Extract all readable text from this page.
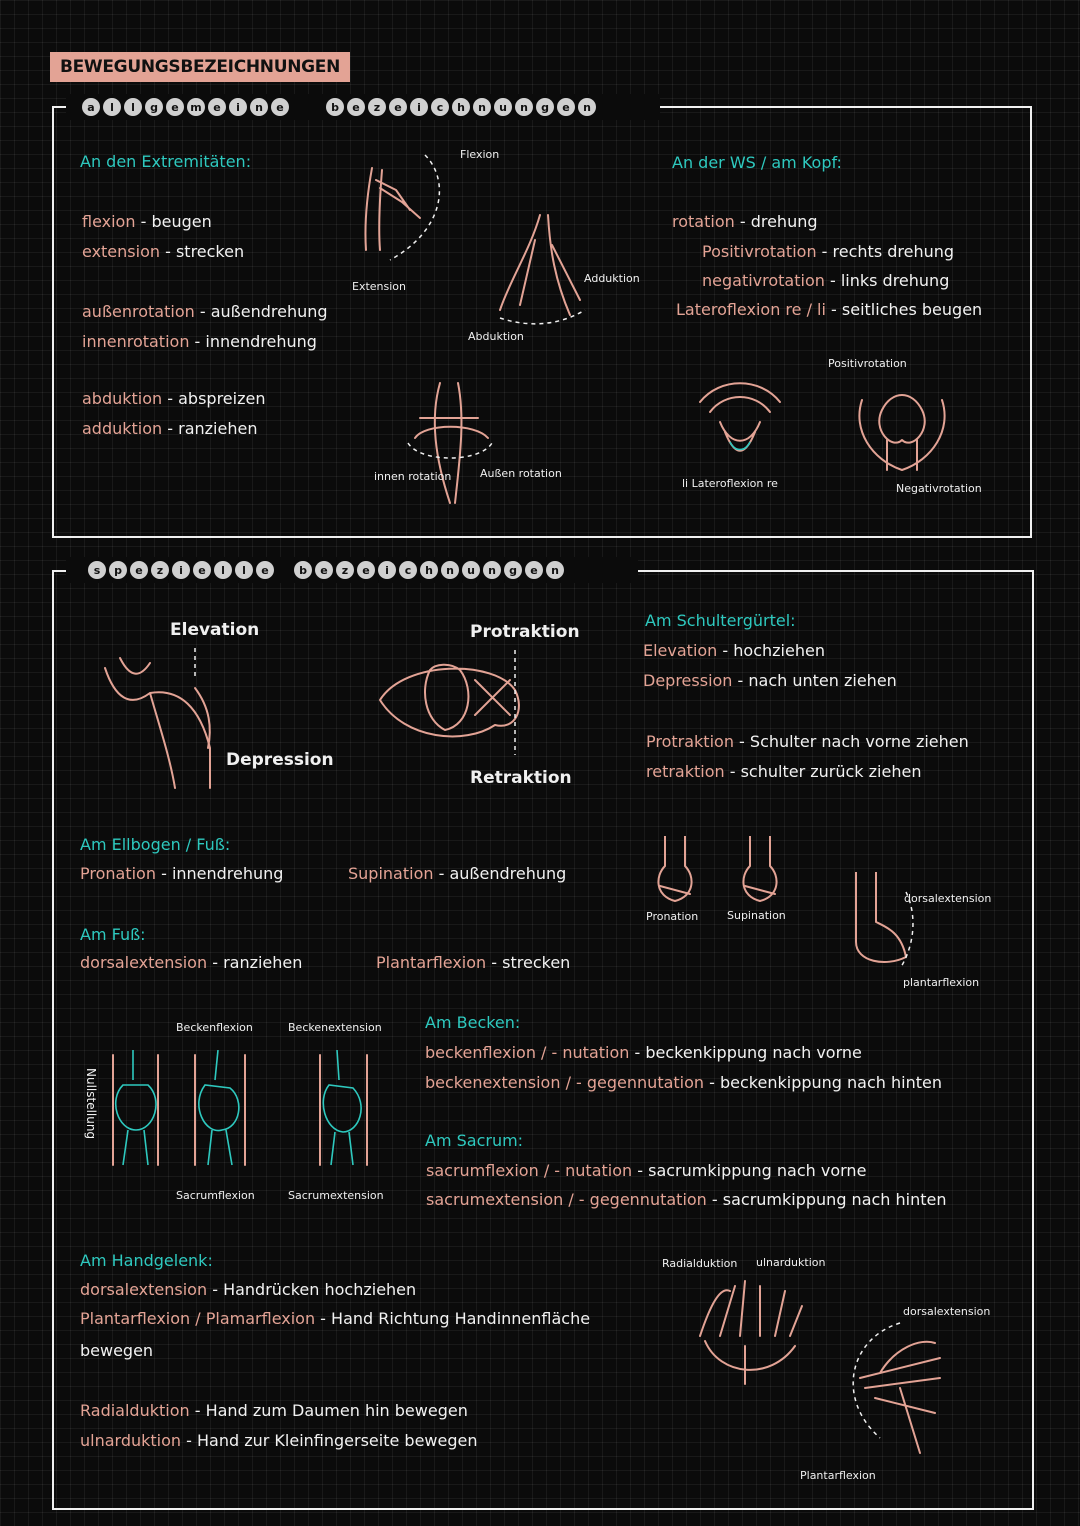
BEWEGUNGSBEZEICHNUNGEN
a	l	l	g	e	m	e	i	n	e	b	e	z	e	i	c	h	n	u	n	g	e	n
An den Extremitäten:
flexion - beugen
extension - strecken
außenrotation - außendrehung
innenrotation - innendrehung
abduktion - abspreizen
adduktion - ranziehen
An der WS / am Kopf:
rotation - drehung
Positivrotation - rechts drehung
negativrotation - links drehung
Lateroflexion re / li - seitliches beugen
Flexion
Extension
Adduktion
Abduktion
innen rotation	Außen rotation
li Lateroflexion re
Positivrotation
Negativrotation
s	p	e	z	i	e	l	l	e	b	e	z	e	i	c	h	n	u	n	g	e	n
Elevation
Depression
Protraktion
Retraktion
Am Schultergürtel:
Elevation - hochziehen
Depression - nach unten ziehen
Protraktion - Schulter nach vorne ziehen
retraktion - schulter zurück ziehen
Am Ellbogen / Fuß:
Pronation - innendrehung	Supination - außendrehung
Am Fuß:
dorsalextension - ranziehen	Plantarflexion - strecken
Pronation	Supination
dorsalextension
plantarflexion
Beckenflexion	Beckenextension
Nullstellung
Sacrumflexion	Sacrumextension
Am Becken:
beckenflexion / - nutation - beckenkippung nach vorne
beckenextension / - gegennutation - beckenkippung nach hinten
Am Sacrum:
sacrumflexion / - nutation - sacrumkippung nach vorne
sacrumextension / - gegennutation - sacrumkippung nach hinten
Am Handgelenk:
dorsalextension - Handrücken hochziehen
Plantarflexion / Plamarflexion - Hand Richtung Handinnenfläche
bewegen
Radialduktion - Hand zum Daumen hin bewegen
ulnarduktion - Hand zur Kleinfingerseite bewegen
Radialduktion ulnarduktion
dorsalextension
Plantarflexion
